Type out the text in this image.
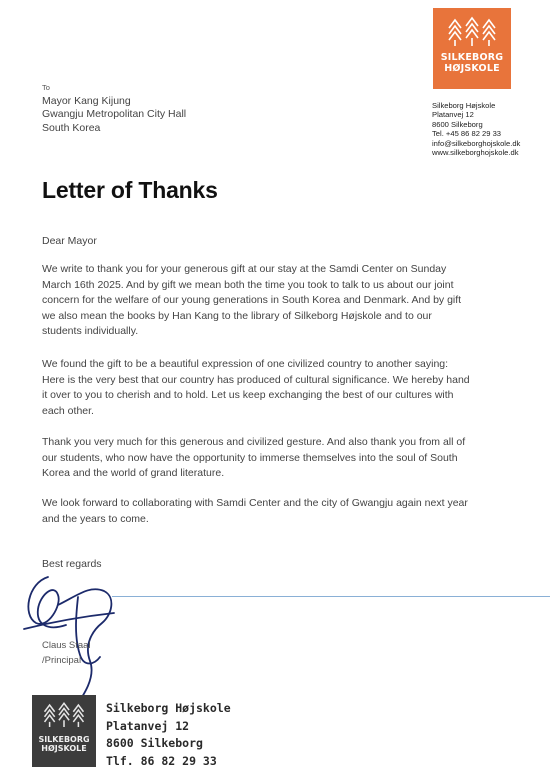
SILKEBORG
HØJSKOLE
To
Mayor Kang Kijung
Gwangju Metropolitan City Hall
South Korea
Silkeborg Højskole
Platanvej 12
8600 Silkeborg
Tel. +45 86 82 29 33
info@silkeborghojskole.dk
www.silkeborghojskole.dk
Letter of Thanks
Dear Mayor

We write to thank you for your generous gift at our stay at the Samdi Center on Sunday March 16th 2025. And by gift we mean both the time you took to talk to us about our joint concern for the welfare of our young generations in South Korea and Denmark. And by gift we also mean the books by Han Kang to the library of Silkeborg Højskole and to our students individually.

We found the gift to be a beautiful expression of one civilized country to another saying: Here is the very best that our country has produced of cultural significance. We hereby hand it over to you to cherish and to hold. Let us keep exchanging the best of our cultures with each other.

Thank you very much for this generous and civilized gesture. And also thank you from all of our students, who now have the opportunity to immerse themselves into the soul of South Korea and the world of grand literature.

We look forward to collaborating with Samdi Center and the city of Gwangju again next year and the years to come.

Best regards
Claus Staal
/Principal
SILKEBORG
HØJSKOLE
Silkeborg Højskole
Platanvej 12
8600 Silkeborg
Tlf. 86 82 29 33
